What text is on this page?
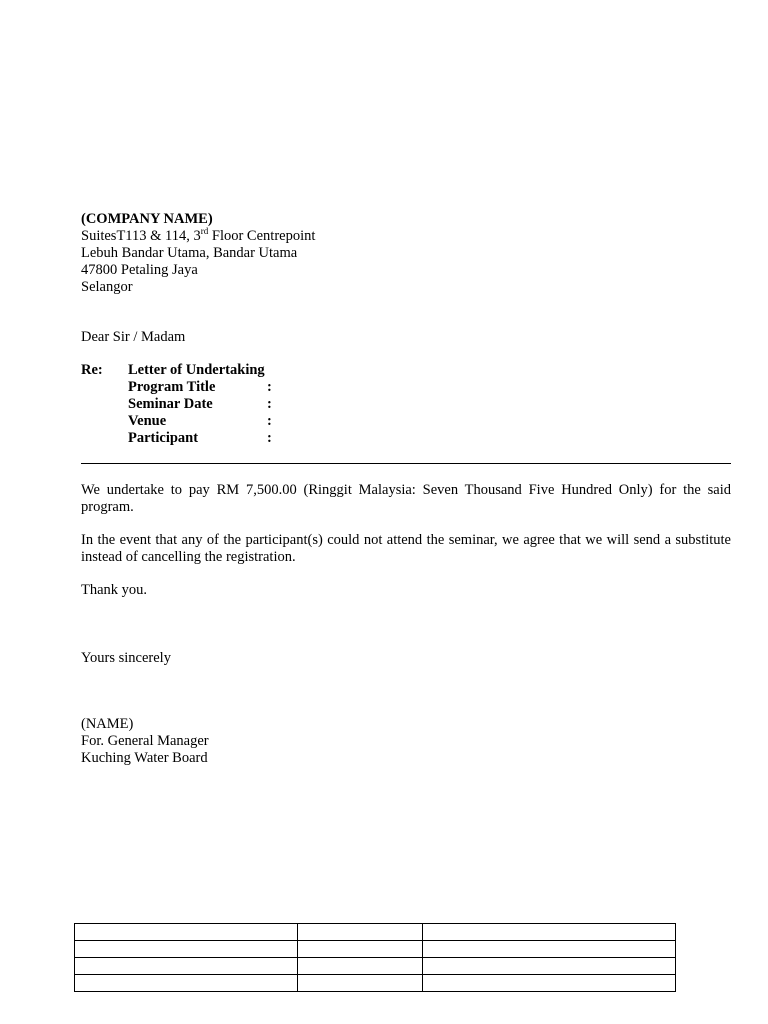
(COMPANY NAME)
SuitesT113 & 114, 3rd Floor Centrepoint
Lebuh Bandar Utama, Bandar Utama
47800 Petaling Jaya
Selangor
Dear Sir / Madam
Re: Letter of Undertaking
Program Title	:
Seminar Date	:
Venue	:
Participant	:
We undertake to pay RM 7,500.00 (Ringgit Malaysia: Seven Thousand Five Hundred Only) for the said program.
In the event that any of the participant(s) could not attend the seminar, we agree that we will send a substitute instead of cancelling the registration.
Thank you.
Yours sincerely
(NAME)
For. General Manager
Kuching Water Board
